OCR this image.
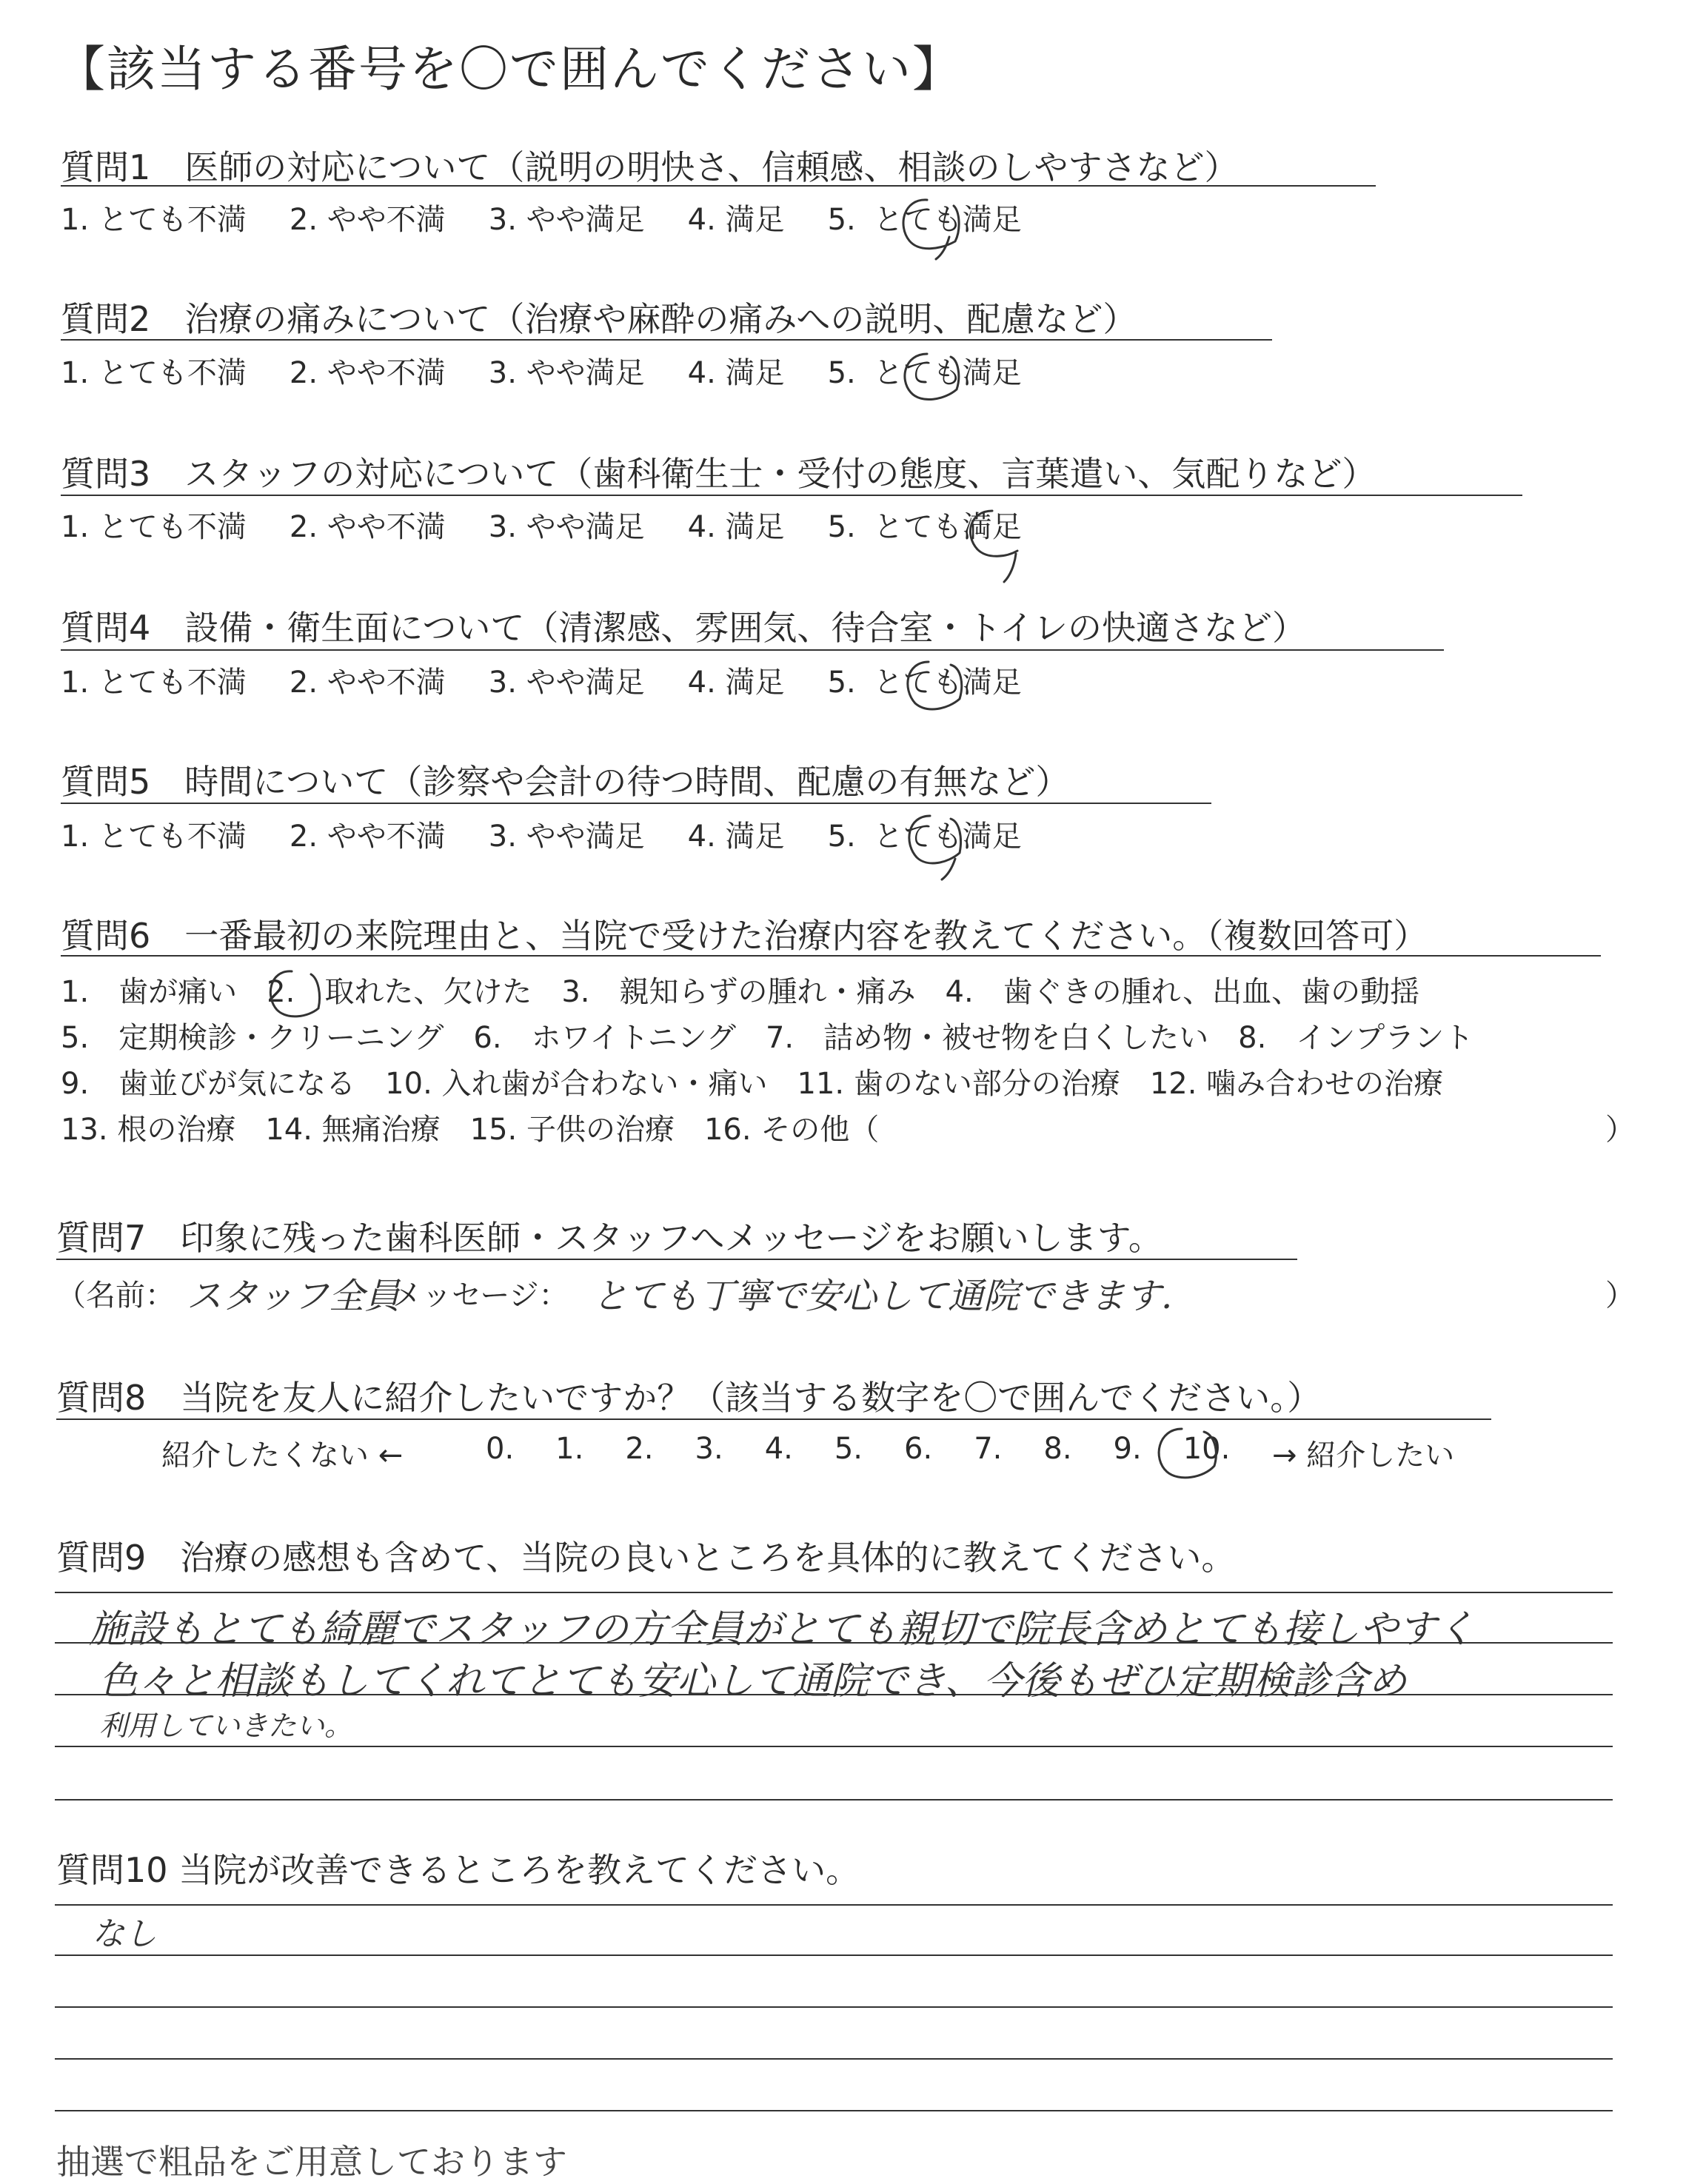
【該当する番号を〇で囲んでください】
質問1　医師の対応について（説明の明快さ、信頼感、相談のしやすさなど）
1. とても不満 2. やや不満 3. やや満足 4. 満足 5. とても満足
質問2　治療の痛みについて（治療や麻酔の痛みへの説明、配慮など）
1. とても不満 2. やや不満 3. やや満足 4. 満足 5. とても満足
質問3　スタッフの対応について（歯科衛生士・受付の態度、言葉遣い、気配りなど）
1. とても不満 2. やや不満 3. やや満足 4. 満足 5. とても満足
質問4　設備・衛生面について（清潔感、雰囲気、待合室・トイレの快適さなど）
1. とても不満 2. やや不満 3. やや満足 4. 満足 5. とても満足
質問5　時間について（診察や会計の待つ時間、配慮の有無など）
1. とても不満 2. やや不満 3. やや満足 4. 満足 5. とても満足
質問6　一番最初の来院理由と、当院で受けた治療内容を教えてください。（複数回答可）
1.　歯が痛い 2.　取れた、欠けた 3.　親知らずの腫れ・痛み 4.　歯ぐきの腫れ、出血、歯の動揺
5.　定期検診・クリーニング 6.　ホワイトニング 7.　詰め物・被せ物を白くしたい 8.　インプラント
9.　歯並びが気になる 10. 入れ歯が合わない・痛い 11. 歯のない部分の治療 12. 噛み合わせの治療
13. 根の治療 14. 無痛治療 15. 子供の治療 16. その他（	）
質問7　印象に残った歯科医師・スタッフへメッセージをお願いします。
（名前： スタッフ全員
メッセージ： とても丁寧で安心して通院できます.	）
質問8　当院を友人に紹介したいですか？（該当する数字を〇で囲んでください。）
紹介したくない ←	0. 1. 2. 3. 4. 5. 6. 7. 8. 9. 10.	→ 紹介したい
質問9　治療の感想も含めて、当院の良いところを具体的に教えてください。
施設もとても綺麗でスタッフの方全員がとても親切で院長含めとても接しやすく
色々と相談もしてくれてとても安心して通院でき、今後もぜひ定期検診含め
利用していきたい。
質問10 当院が改善できるところを教えてください。
なし
抽選で粗品をご用意しております
